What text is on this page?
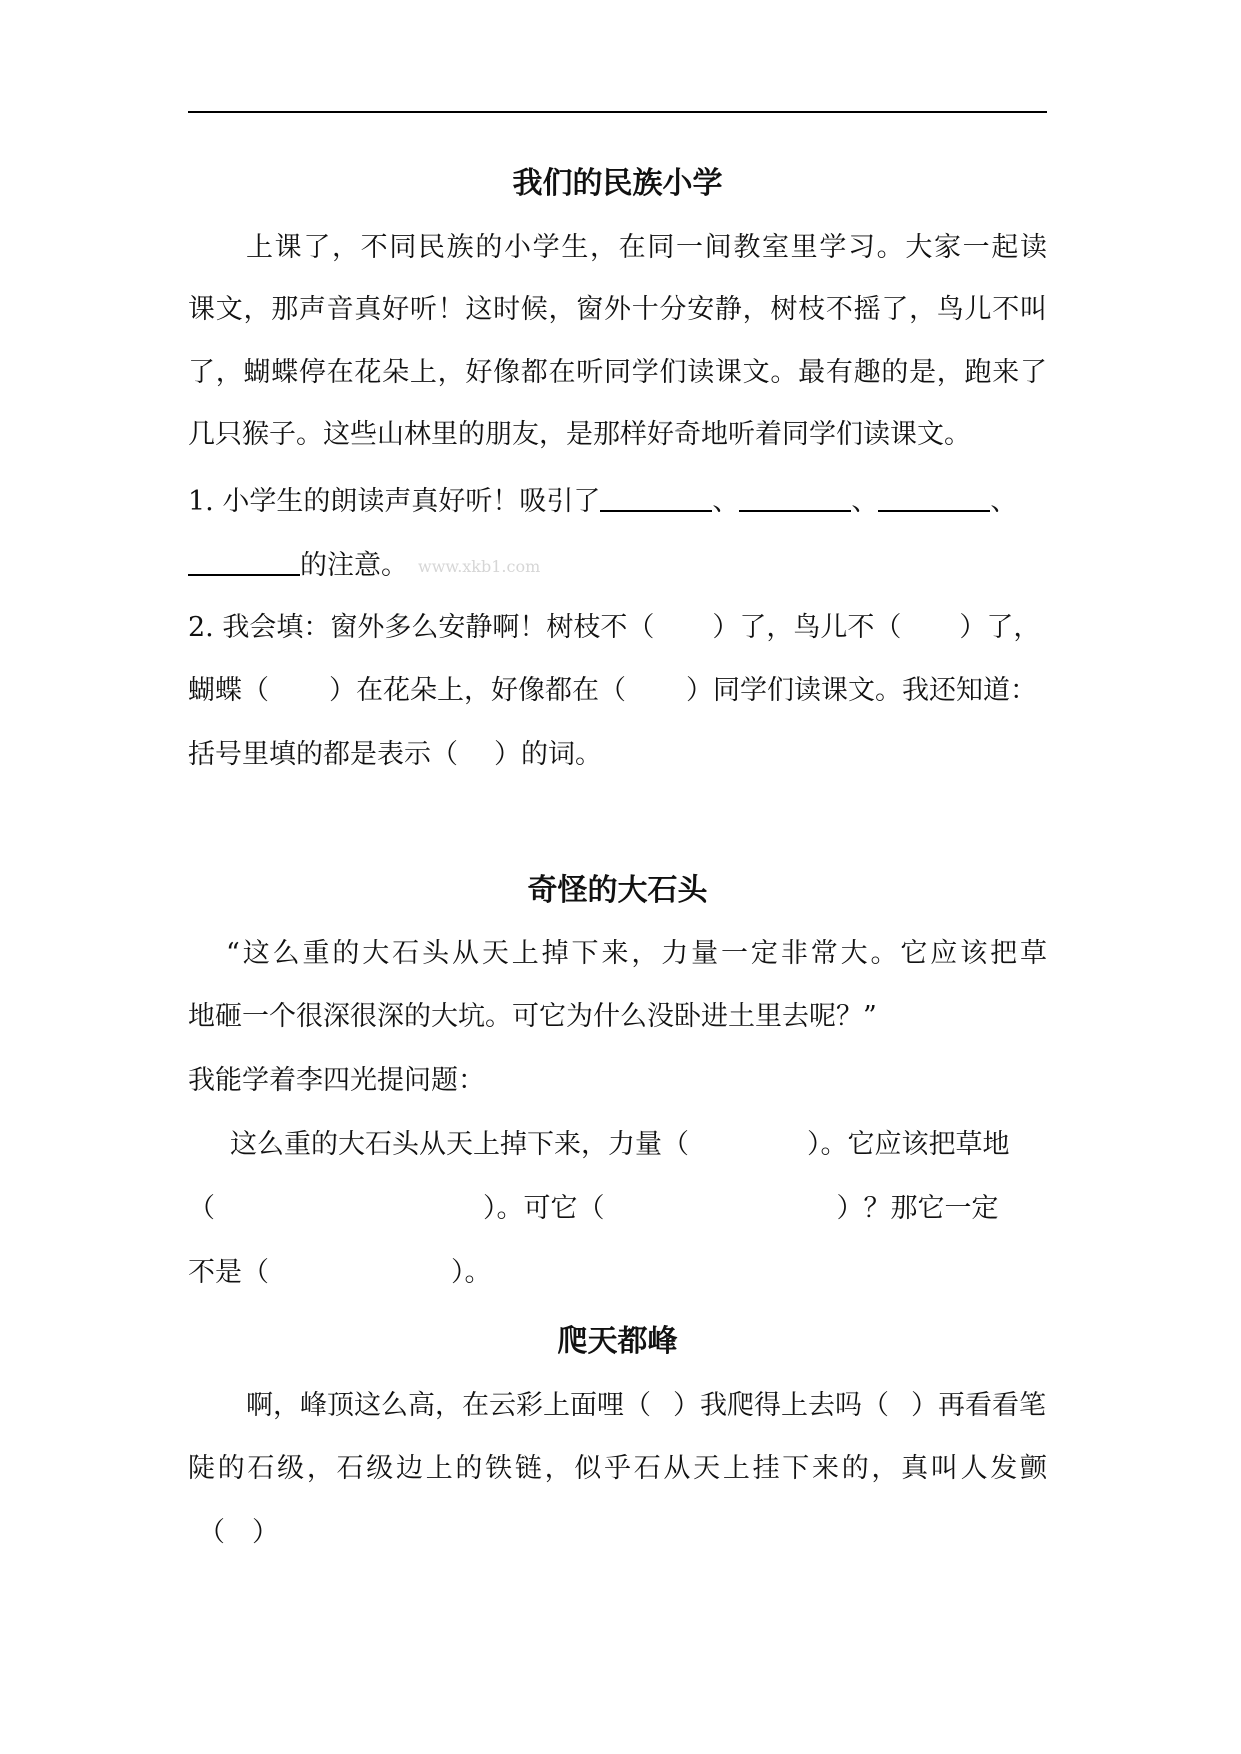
我们的民族小学
上课了，不同民族的小学生，在同一间教室里学习。大家一起读
课文，那声音真好听！这时候，窗外十分安静，树枝不摇了，鸟儿不叫
了，蝴蝶停在花朵上，好像都在听同学们读课文。最有趣的是，跑来了
几只猴子。这些山林里的朋友，是那样好奇地听着同学们读课文。
1. 小学生的朗读声真好听！吸引了	、	、	、
的注意。 www.xkb1.com
2. 我会填：窗外多么安静啊！树枝不（ ）了，鸟儿不（ ）了，
蝴蝶（ ）在花朵上，好像都在（ ）同学们读课文。我还知道：
括号里填的都是表示（ ）的词。
奇怪的大石头
“这么重的大石头从天上掉下来，力量一定非常大。它应该把草
地砸一个很深很深的大坑。可它为什么没卧进土里去呢？”
我能学着李四光提问题：
这么重的大石头从天上掉下来，力量（	）。它应该把草地
（	）。可它（	）？那它一定
不是（	）。
爬天都峰
啊，峰顶这么高，在云彩上面哩（ ）我爬得上去吗（ ）再看看笔
陡的石级，石级边上的铁链，似乎石从天上挂下来的，真叫人发颤
（　）
